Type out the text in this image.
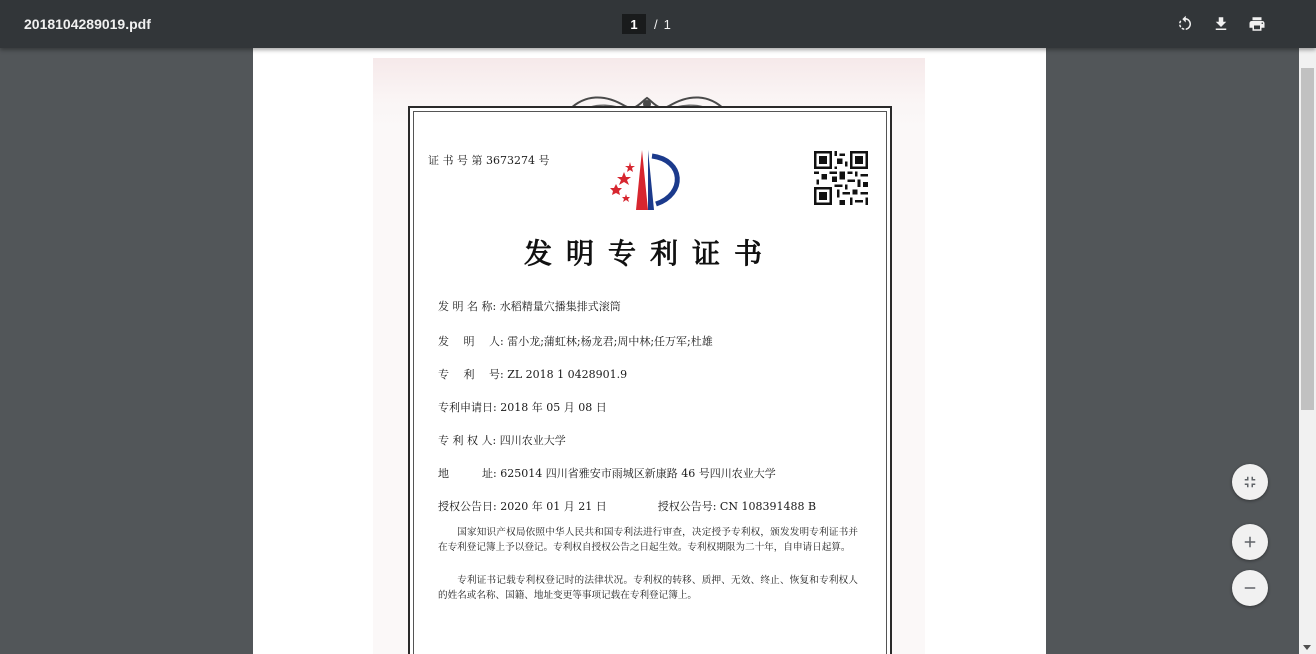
2018104289019.pdf
1	/ 1
证 书 号 第 3673274 号
发明专利证书
发 明 名 称: 水稻精量穴播集排式滚筒
发　 明　 人: 雷小龙;蒲虹林;杨龙君;周中林;任万军;杜雄
专　 利　 号: ZL 2018 1 0428901.9
专利申请日: 2018 年 05 月 08 日
专 利 权 人: 四川农业大学
地　　　址: 625014 四川省雅安市雨城区新康路 46 号四川农业大学
授权公告日: 2020 年 01 月 21 日	授权公告号: CN 108391488 B
国家知识产权局依照中华人民共和国专利法进行审查，决定授予专利权，颁发发明专利证书并在专利登记簿上予以登记。专利权自授权公告之日起生效。专利权期限为二十年，自申请日起算。
专利证书记载专利权登记时的法律状况。专利权的转移、质押、无效、终止、恢复和专利权人的姓名或名称、国籍、地址变更等事项记载在专利登记簿上。
